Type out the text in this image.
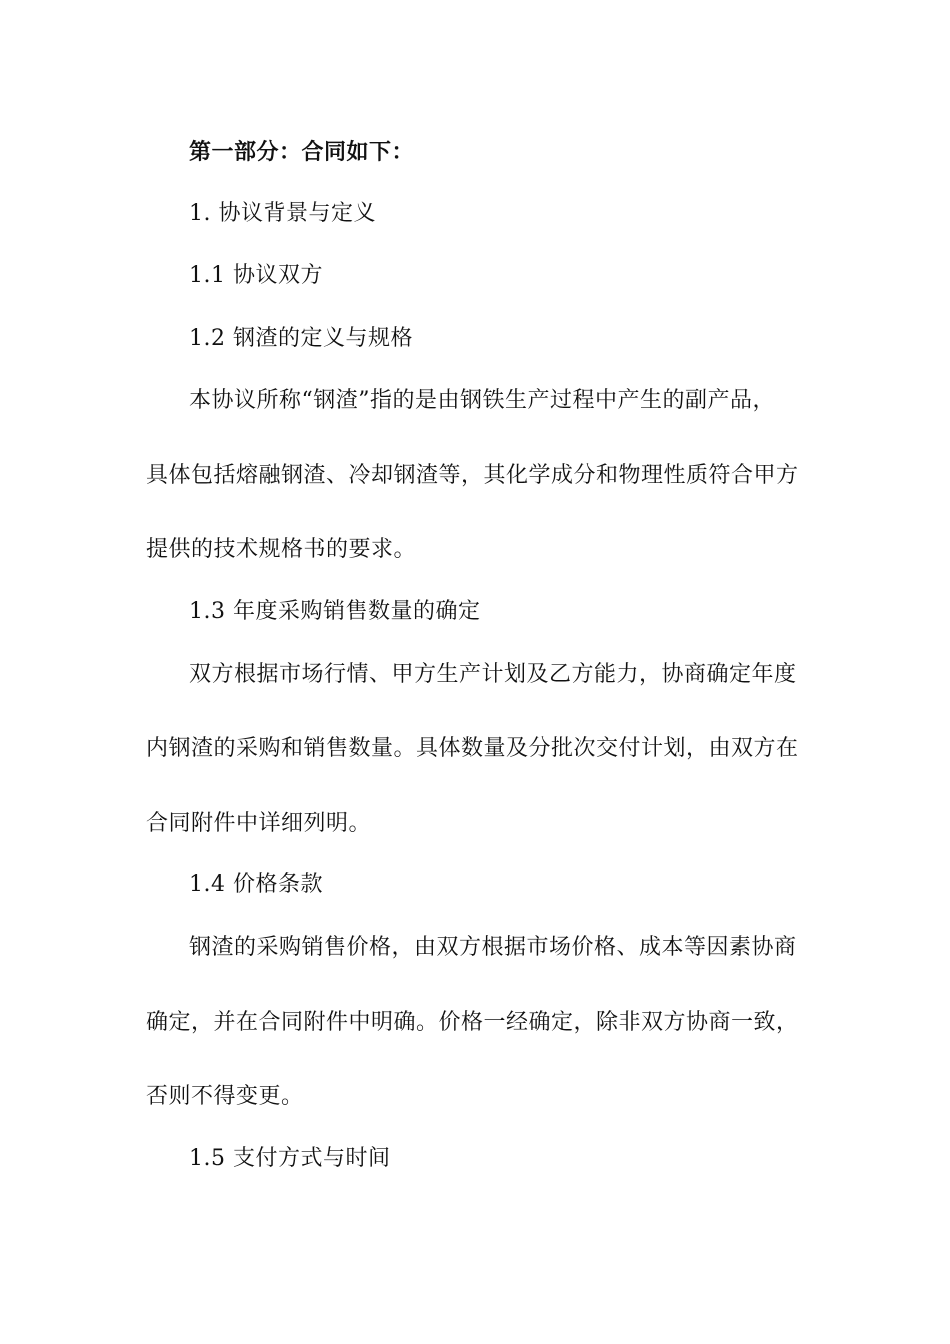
第一部分：合同如下：
1. 协议背景与定义
1.1 协议双方
1.2 钢渣的定义与规格
本协议所称“钢渣”指的是由钢铁生产过程中产生的副产品，
具体包括熔融钢渣、冷却钢渣等，其化学成分和物理性质符合甲方
提供的技术规格书的要求。
1.3 年度采购销售数量的确定
双方根据市场行情、甲方生产计划及乙方能力，协商确定年度
内钢渣的采购和销售数量。具体数量及分批次交付计划，由双方在
合同附件中详细列明。
1.4 价格条款
钢渣的采购销售价格，由双方根据市场价格、成本等因素协商
确定，并在合同附件中明确。价格一经确定，除非双方协商一致，
否则不得变更。
1.5 支付方式与时间
